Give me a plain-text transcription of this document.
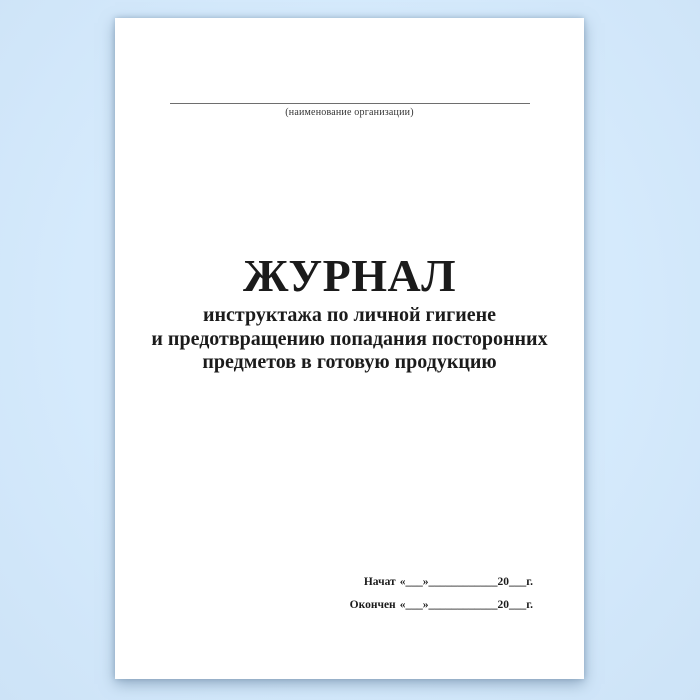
(наименование организации)
ЖУРНАЛ
инструктажа по личной гигиене
и предотвращению попадания посторонних
предметов в готовую продукцию
Начат «___»____________20___г.
Окончен «___»____________20___г.
